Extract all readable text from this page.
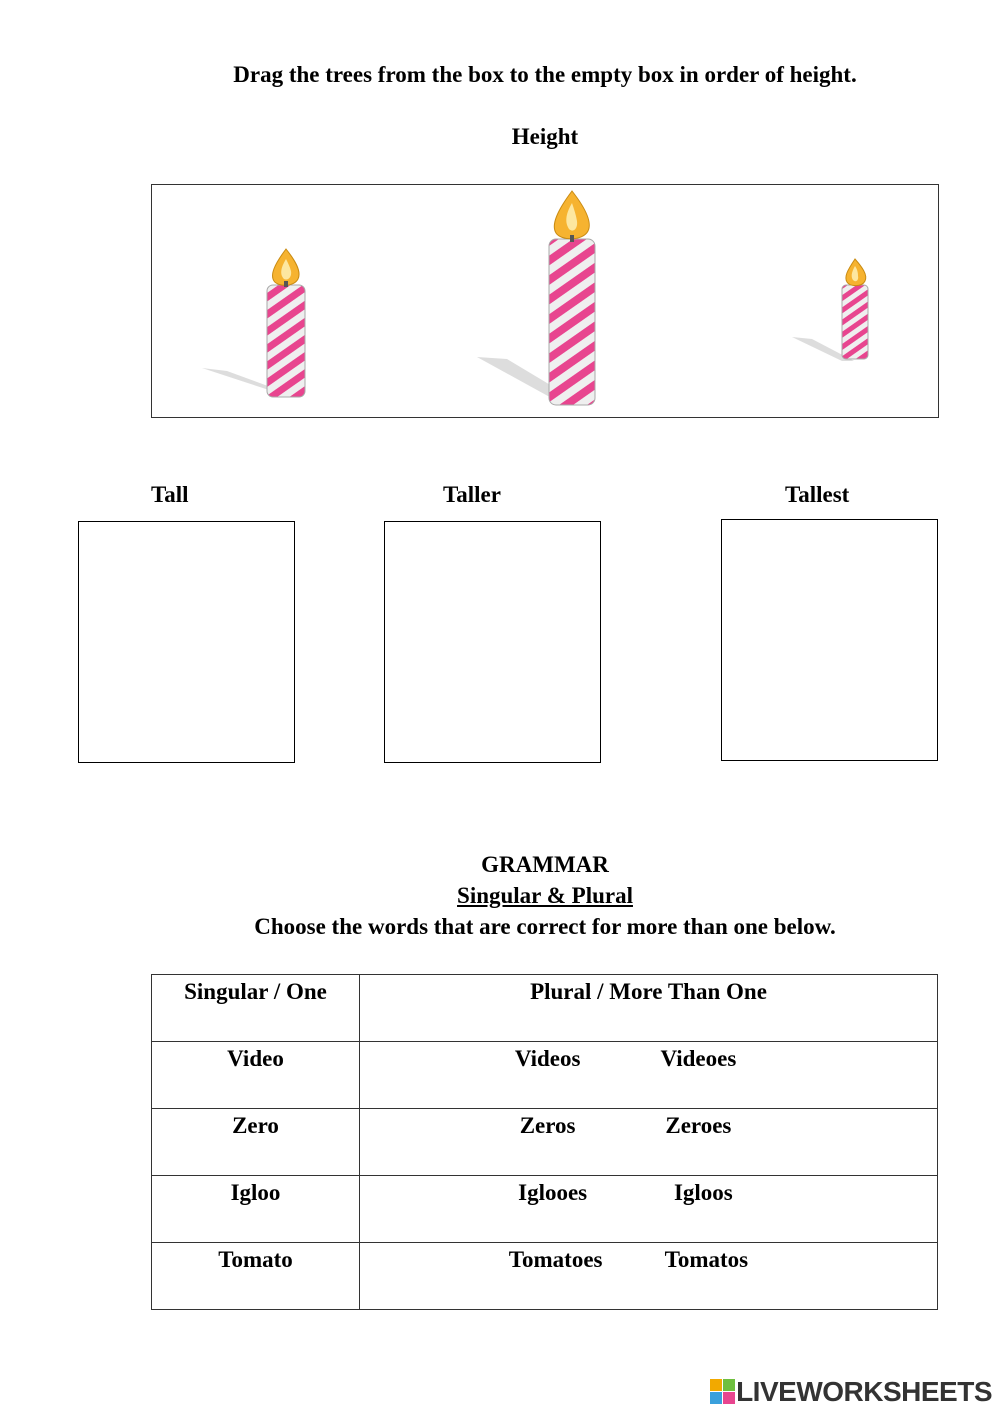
Drag the trees from the box to the empty box in order of height.
Height
Tall	Taller	Tallest
GRAMMAR
Singular & Plural
Choose the words that are correct for more than one below.
Singular / One	Plural / More Than One
Video	Videos Videoes
Zero	Zeros Zeroes
Igloo	Iglooes Igloos
Tomato	Tomatoes Tomatos
LIVEWORKSHEETS
